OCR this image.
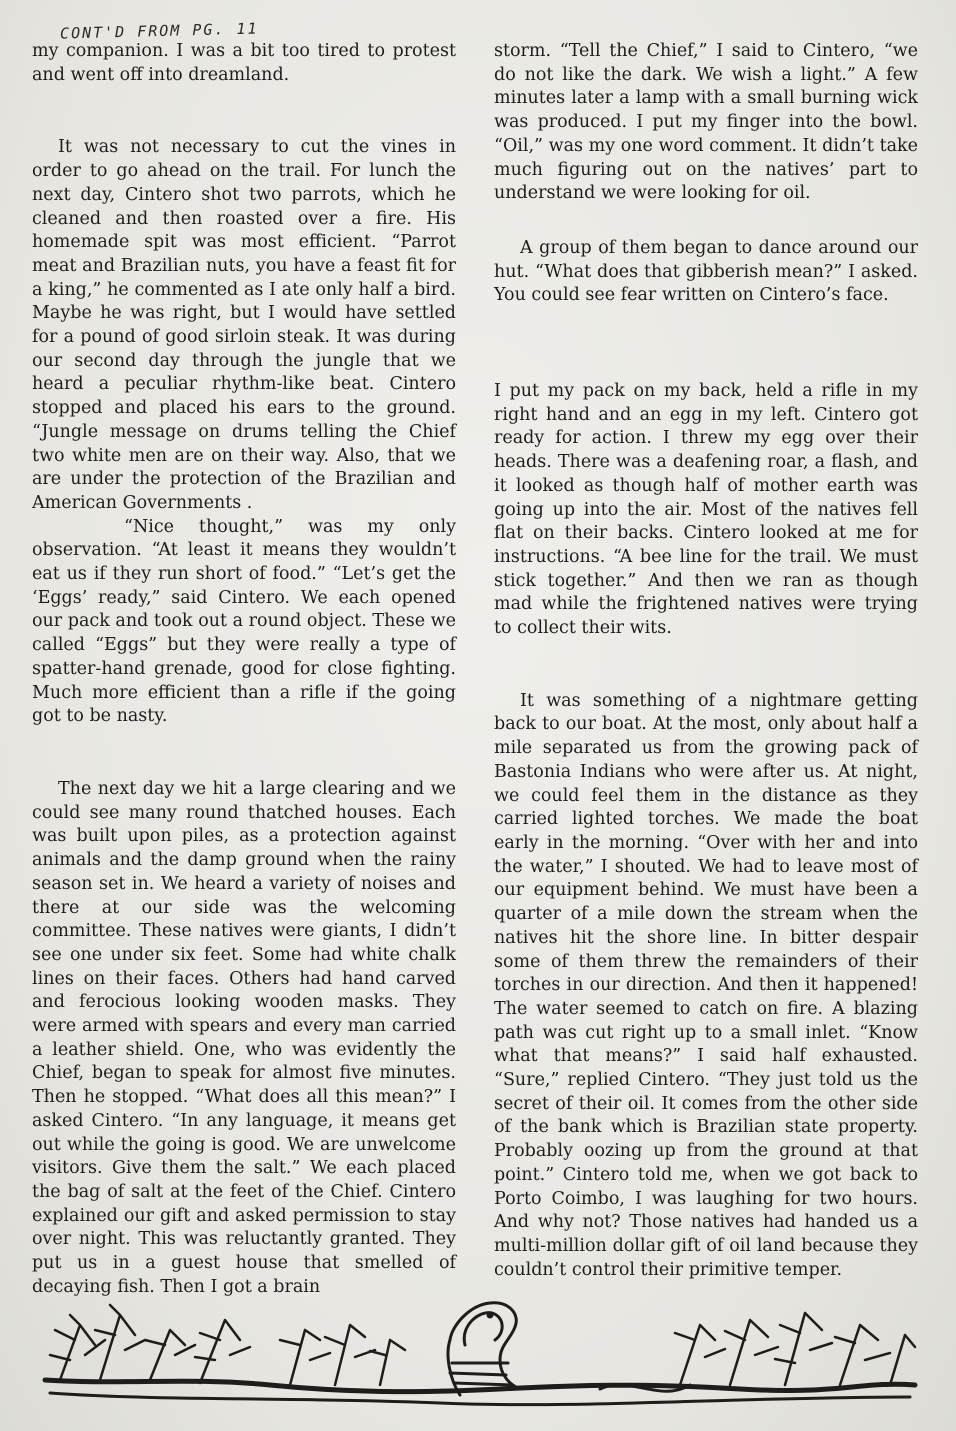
CONT'D FROM PG. 11

my companion. I was a bit too tired to protest and went off into dreamland.

It was not necessary to cut the vines in order to go ahead on the trail. For lunch the next day, Cintero shot two parrots, which he cleaned and then roasted over a fire. His homemade spit was most efficient. “Parrot meat and Brazilian nuts, you have a feast fit for a king,” he commented as I ate only half a bird. Maybe he was right, but I would have settled for a pound of good sirloin steak. It was during our second day through the jungle that we heard a peculiar rhythm-like beat. Cintero stopped and placed his ears to the ground. “Jungle message on drums telling the Chief two white men are on their way. Also, that we are under the protection of the Brazilian and American Governments .

“Nice thought,” was my only observation. “At least it means they wouldn’t eat us if they run short of food.” “Let’s get the ‘Eggs’ ready,” said Cintero. We each opened our pack and took out a round object. These we called “Eggs” but they were really a type of spatter-hand grenade, good for close fighting. Much more efficient than a rifle if the going got to be nasty.

The next day we hit a large clearing and we could see many round thatched houses. Each was built upon piles, as a protection against animals and the damp ground when the rainy season set in. We heard a variety of noises and there at our side was the welcoming committee. These natives were giants, I didn’t see one under six feet. Some had white chalk lines on their faces. Others had hand carved and ferocious looking wooden masks. They were armed with spears and every man carried a leather shield. One, who was evidently the Chief, began to speak for almost five minutes. Then he stopped. “What does all this mean?” I asked Cintero. “In any language, it means get out while the going is good. We are unwelcome visitors. Give them the salt.” We each placed the bag of salt at the feet of the Chief. Cintero explained our gift and asked permission to stay over night. This was reluctantly granted. They put us in a guest house that smelled of decaying fish. Then I got a brain

storm. “Tell the Chief,” I said to Cintero, “we do not like the dark. We wish a light.” A few minutes later a lamp with a small burning wick was produced. I put my finger into the bowl. “Oil,” was my one word comment. It didn’t take much figuring out on the natives’ part to understand we were looking for oil.

A group of them began to dance around our hut. “What does that gibberish mean?” I asked. You could see fear written on Cintero’s face.

I put my pack on my back, held a rifle in my right hand and an egg in my left. Cintero got ready for action. I threw my egg over their heads. There was a deafening roar, a flash, and it looked as though half of mother earth was going up into the air. Most of the natives fell flat on their backs. Cintero looked at me for instructions. “A bee line for the trail. We must stick together.” And then we ran as though mad while the frightened natives were trying to collect their wits.

It was something of a nightmare getting back to our boat. At the most, only about half a mile separated us from the growing pack of Bastonia Indians who were after us. At night, we could feel them in the distance as they carried lighted torches. We made the boat early in the morning. “Over with her and into the water,” I shouted. We had to leave most of our equipment behind. We must have been a quarter of a mile down the stream when the natives hit the shore line. In bitter despair some of them threw the remainders of their torches in our direction. And then it happened! The water seemed to catch on fire. A blazing path was cut right up to a small inlet. “Know what that means?” I said half exhausted. “Sure,” replied Cintero. “They just told us the secret of their oil. It comes from the other side of the bank which is Brazilian state property. Probably oozing up from the ground at that point.” Cintero told me, when we got back to Porto Coimbo, I was laughing for two hours. And why not? Those natives had handed us a multi-million dollar gift of oil land because they couldn’t control their primitive temper.
